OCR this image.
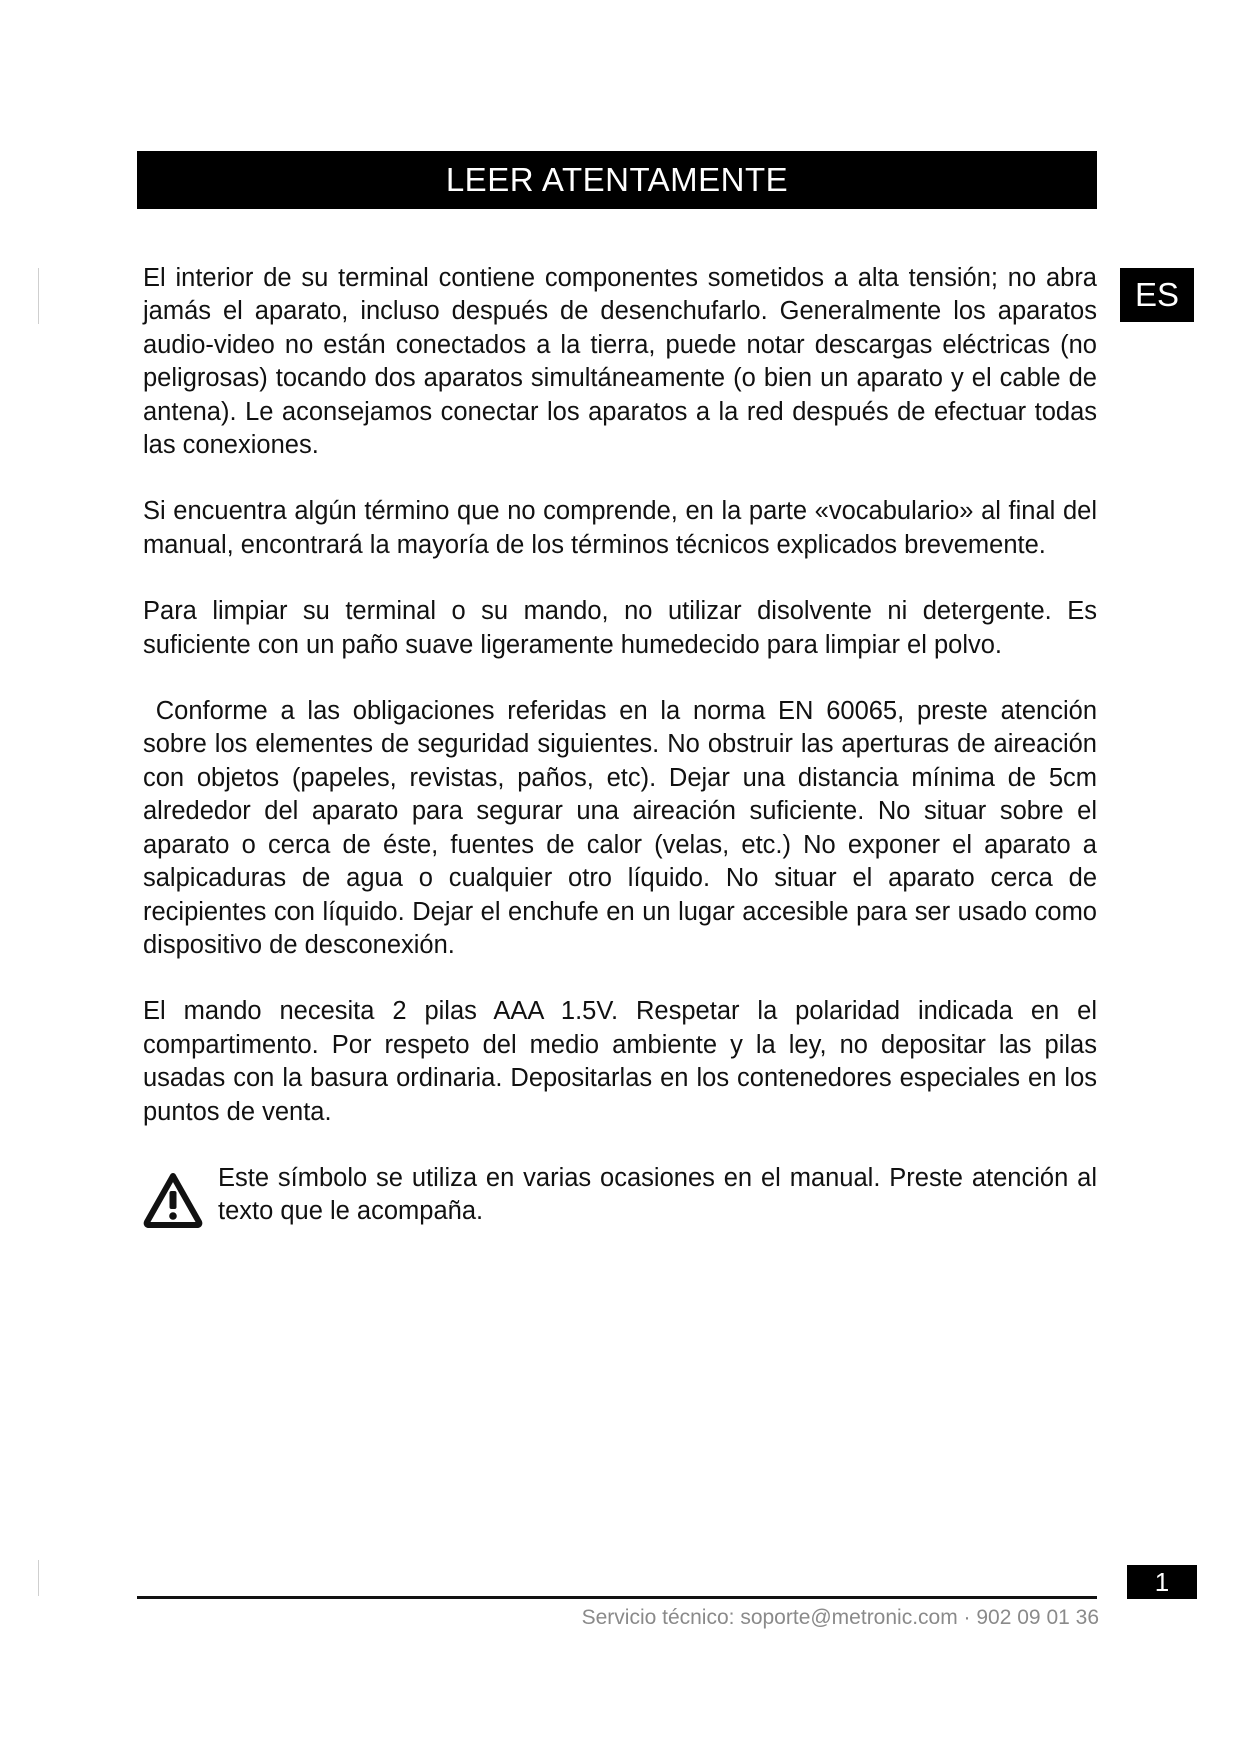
LEER ATENTAMENTE
ES

El interior de su terminal contiene componentes sometidos a alta tensión; no abra jamás el aparato, incluso después de desenchufarlo. Generalmente los aparatos audio-video no están conectados a la tierra, puede notar descargas eléctricas (no peligrosas) tocando dos aparatos simultáneamente (o bien un aparato y el cable de antena). Le aconsejamos conectar los aparatos a la red después de efectuar todas las conexiones.

Si encuentra algún término que no comprende, en la parte «vocabulario» al final del manual, encontrará la mayoría de los términos técnicos explicados brevemente.

Para limpiar su terminal o su mando, no utilizar disolvente ni detergente. Es suficiente con un paño suave ligeramente humedecido para limpiar el polvo.

Conforme a las obligaciones referidas en la norma EN 60065, preste atención sobre los elementes de seguridad siguientes. No obstruir las aperturas de aireación con objetos (papeles, revistas, paños, etc). Dejar una distancia mínima de 5cm alrededor del aparato para segurar una aireación suficiente. No situar sobre el aparato o cerca de éste, fuentes de calor (velas, etc.) No exponer el aparato a salpicaduras de agua o cualquier otro líquido. No situar el aparato cerca de recipientes con líquido. Dejar el enchufe en un lugar accesible para ser usado como dispositivo de desconexión.

El mando necesita 2 pilas AAA 1.5V. Respetar la polaridad indicada en el compartimento. Por respeto del medio ambiente y la ley, no depositar las pilas usadas con la basura ordinaria. Depositarlas en los contenedores especiales en los puntos de venta.

Este símbolo se utiliza en varias ocasiones en el manual. Preste atención al texto que le acompaña.
1
Servicio técnico: soporte@metronic.com · 902 09 01 36
